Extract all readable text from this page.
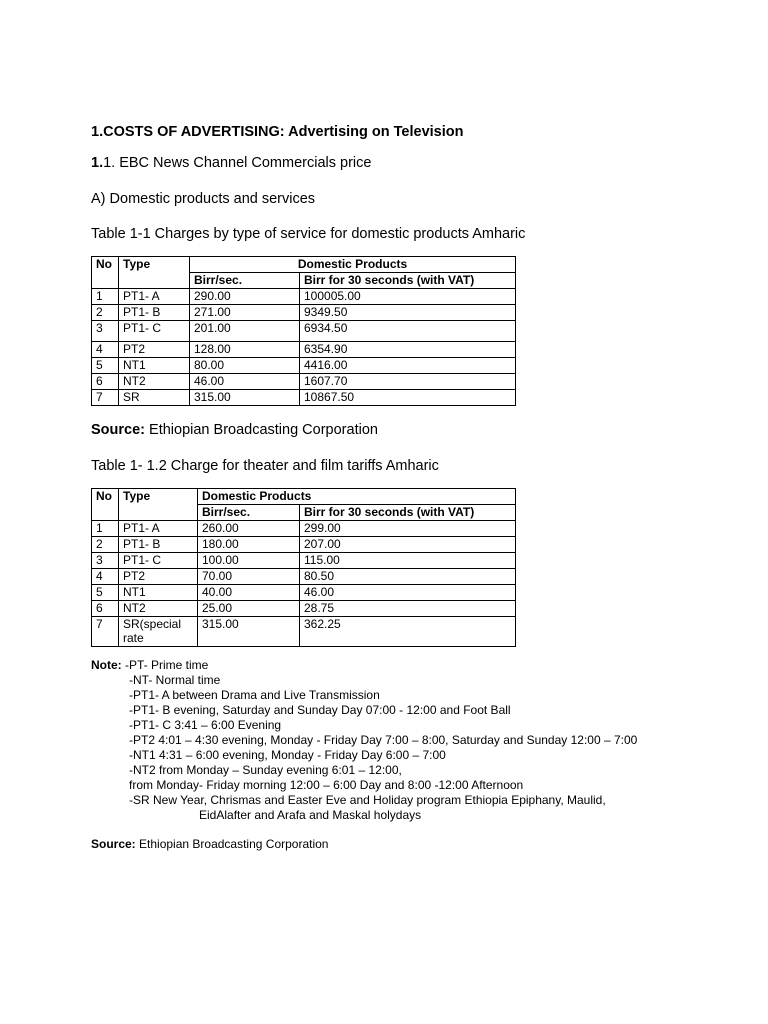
1.COSTS OF ADVERTISING: Advertising on Television
1.1. EBC News Channel Commercials price
A) Domestic products and services
Table 1-1 Charges by type of service for domestic products Amharic
No	Type	Domestic Products	
		Birr/sec.	Birr for 30 seconds (with VAT)
1	PT1- A	290.00	100005.00
2	PT1- B	271.00	9349.50
3	PT1- C	201.00	6934.50
4	PT2	128.00	6354.90
5	NT1	80.00	4416.00
6	NT2	46.00	1607.70
7	SR	315.00	10867.50
Source: Ethiopian Broadcasting Corporation
Table 1- 1.2 Charge for theater and film tariffs Amharic
No	Type	Domestic Products	
		Birr/sec.	Birr for 30 seconds (with VAT)
1	PT1- A	260.00	299.00
2	PT1- B	180.00	207.00
3	PT1- C	100.00	115.00
4	PT2	70.00	80.50
5	NT1	40.00	46.00
6	NT2	25.00	28.75
7	SR(special rate	315.00	362.25
Note: -PT- Prime time
-NT- Normal time
-PT1- A between Drama and Live Transmission
-PT1- B evening, Saturday and Sunday Day 07:00 - 12:00 and Foot Ball
-PT1- C 3:41 – 6:00 Evening
-PT2 4:01 – 4:30 evening, Monday - Friday Day 7:00 – 8:00, Saturday and Sunday 12:00 – 7:00
-NT1 4:31 – 6:00 evening, Monday - Friday Day 6:00 – 7:00
-NT2 from Monday – Sunday evening 6:01 – 12:00,
from Monday- Friday morning 12:00 – 6:00 Day and 8:00 -12:00 Afternoon
-SR New Year, Chrismas and Easter Eve and Holiday program Ethiopia Epiphany, Maulid,
EidAlafter and Arafa and Maskal holydays
Source: Ethiopian Broadcasting Corporation
